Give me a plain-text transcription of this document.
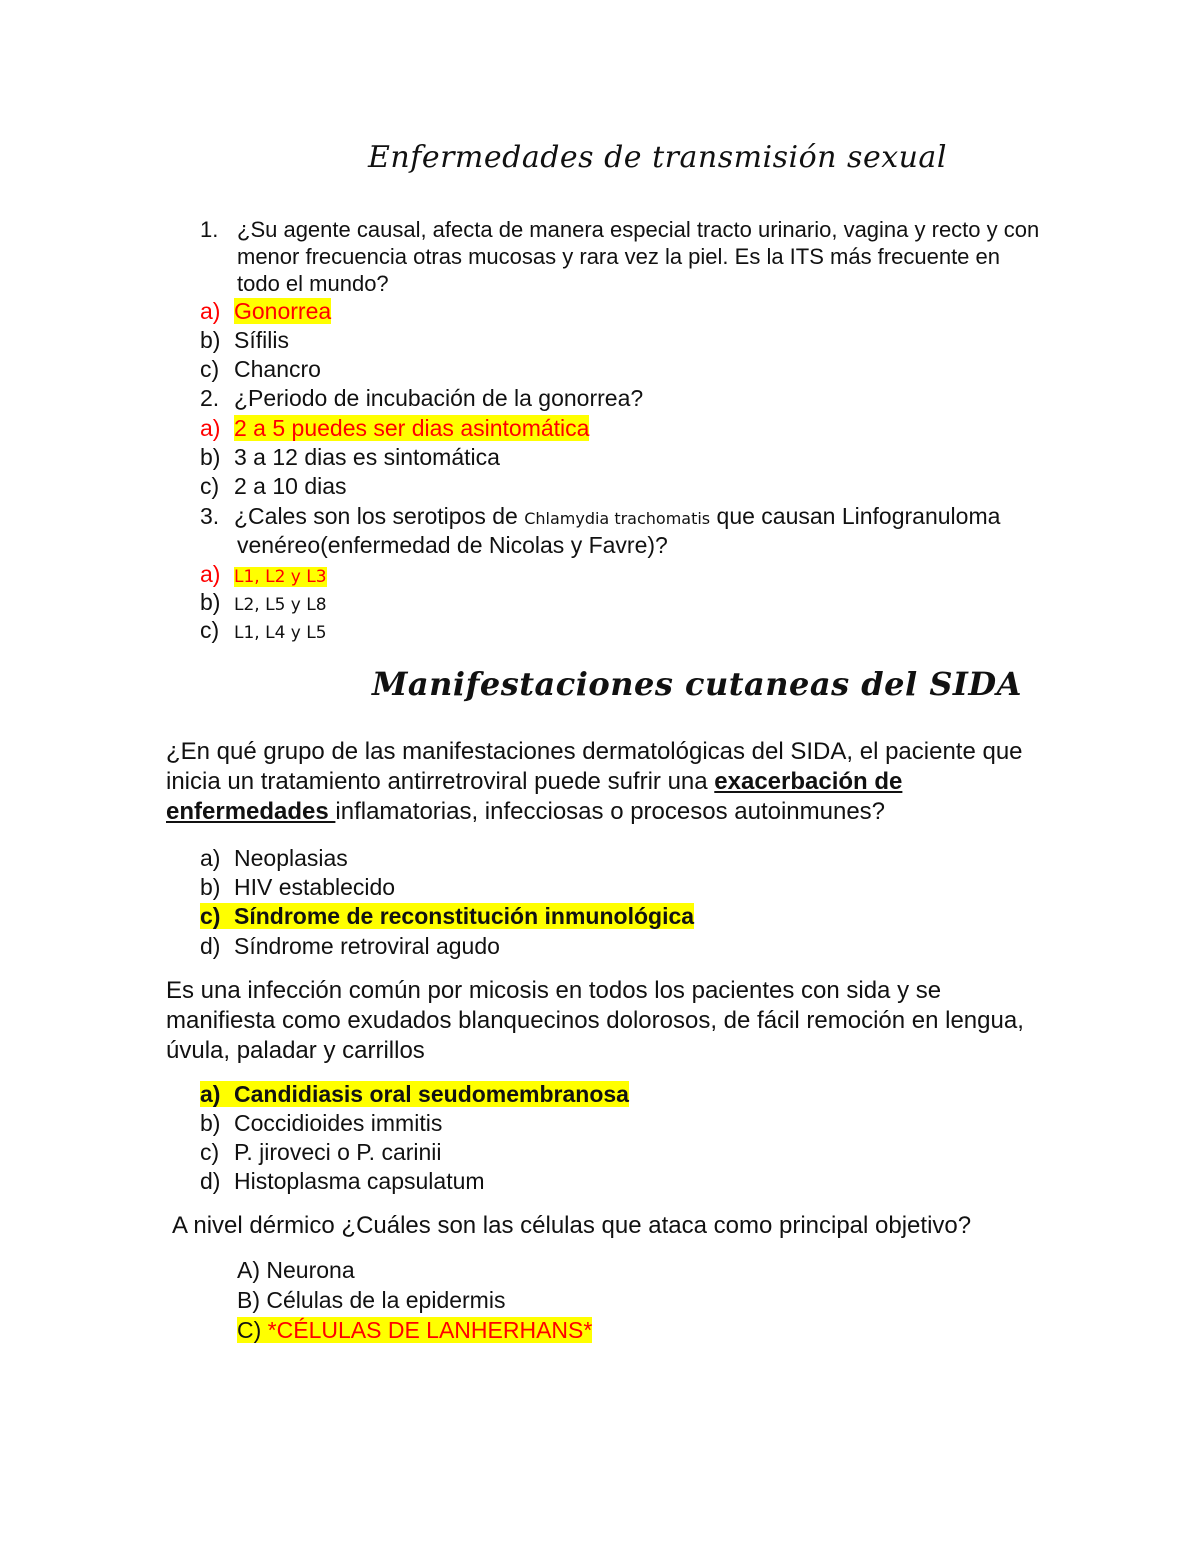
Enfermedades de transmisión sexual
1. ¿Su agente causal, afecta de manera especial tracto urinario, vagina y recto y con
menor frecuencia otras mucosas y rara vez la piel. Es la ITS más frecuente en
todo el mundo?
a) Gonorrea
b) Sífilis
c) Chancro
2. ¿Periodo de incubación de la gonorrea?
a) 2 a 5 puedes ser dias asintomática
b) 3 a 12 dias es sintomática
c) 2 a 10 dias
3. ¿Cales son los serotipos de Chlamydia trachomatis que causan Linfogranuloma
venéreo(enfermedad de Nicolas y Favre)?
a) L1, L2 y L3
b) L2, L5 y L8
c) L1, L4 y L5
Manifestaciones cutaneas del SIDA
¿En qué grupo de las manifestaciones dermatológicas del SIDA, el paciente que
inicia un tratamiento antirretroviral puede sufrir una exacerbación de
enfermedades inflamatorias, infecciosas o procesos autoinmunes?
a) Neoplasias
b) HIV establecido
c) Síndrome de reconstitución inmunológica
d) Síndrome retroviral agudo
Es una infección común por micosis en todos los pacientes con sida y se
manifiesta como exudados blanquecinos dolorosos, de fácil remoción en lengua,
úvula, paladar y carrillos
a) Candidiasis oral seudomembranosa
b) Coccidioides immitis
c) P. jiroveci o P. carinii
d) Histoplasma capsulatum
A nivel dérmico ¿Cuáles son las células que ataca como principal objetivo?
A) Neurona
B) Células de la epidermis
C) *CÉLULAS DE LANHERHANS*
